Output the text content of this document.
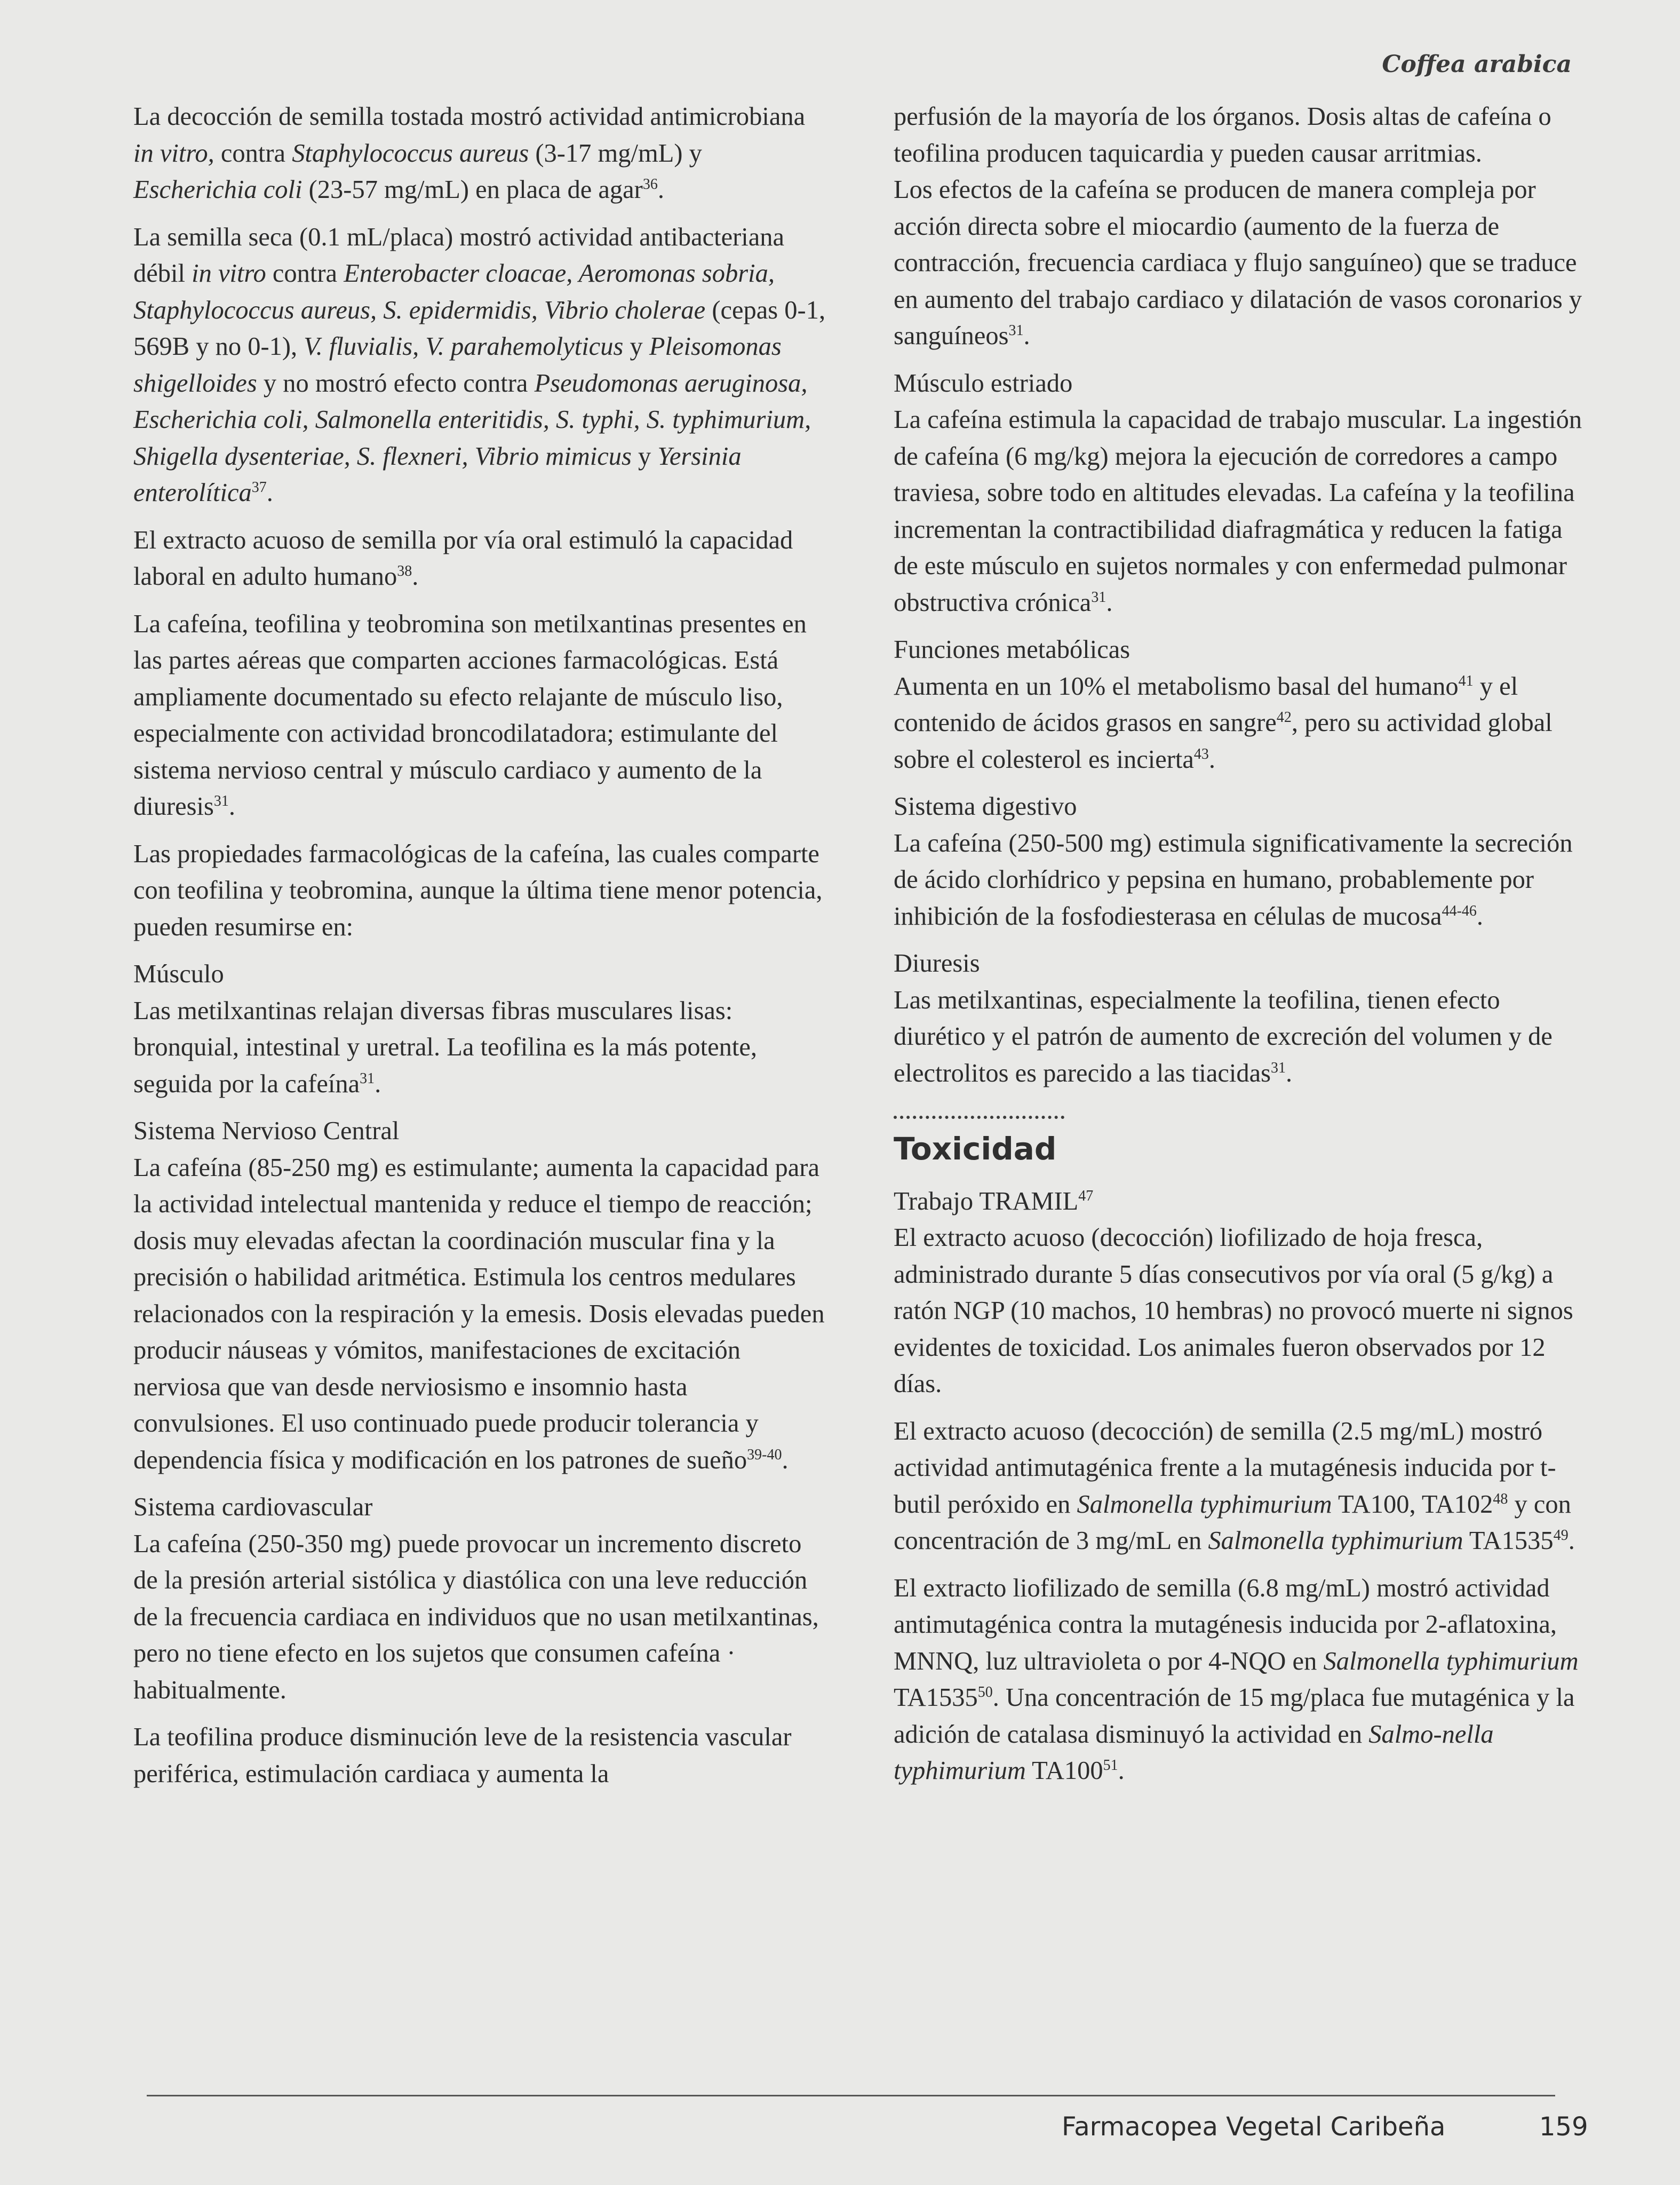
Coffea arabica

La decocción de semilla tostada mostró actividad antimicrobiana in vitro, contra Staphylococcus aureus (3-17 mg/mL) y Escherichia coli (23-57 mg/mL) en placa de agar$^{36}$.

La semilla seca (0.1 mL/placa) mostró actividad antibacteriana débil in vitro contra Enterobacter cloacae, Aeromonas sobria, Staphylococcus aureus, S. epidermidis, Vibrio cholerae (cepas 0-1, 569B y no 0-1), V. fluvialis, V. parahemolyticus y Pleisomonas shigelloides y no mostró efecto contra Pseudomonas aeruginosa, Escherichia coli, Salmonella enteritidis, S. typhi, S. typhimurium, Shigella dysenteriae, S. flexneri, Vibrio mimicus y Yersinia enterolítica$^{37}$.

El extracto acuoso de semilla por vía oral estimuló la capacidad laboral en adulto humano$^{38}$.

La cafeína, teofilina y teobromina son metilxantinas presentes en las partes aéreas que comparten acciones farmacológicas. Está ampliamente documentado su efecto relajante de músculo liso, especialmente con actividad broncodilatadora; estimulante del sistema nervioso central y músculo cardiaco y aumento de la diuresis$^{31}$.

Las propiedades farmacológicas de la cafeína, las cuales comparte con teofilina y teobromina, aunque la última tiene menor potencia, pueden resumirse en:

Músculo
Las metilxantinas relajan diversas fibras musculares lisas: bronquial, intestinal y uretral. La teofilina es la más potente, seguida por la cafeína$^{31}$.

Sistema Nervioso Central
La cafeína (85-250 mg) es estimulante; aumenta la capacidad para la actividad intelectual mantenida y reduce el tiempo de reacción; dosis muy elevadas afectan la coordinación muscular fina y la precisión o habilidad aritmética. Estimula los centros medulares relacionados con la respiración y la emesis. Dosis elevadas pueden producir náuseas y vómitos, manifestaciones de excitación nerviosa que van desde nerviosismo e insomnio hasta convulsiones. El uso continuado puede producir tolerancia y dependencia física y modificación en los patrones de sueño$^{39-40}$.

Sistema cardiovascular
La cafeína (250-350 mg) puede provocar un incremento discreto de la presión arterial sistólica y diastólica con una leve reducción de la frecuencia cardiaca en individuos que no usan metilxantinas, pero no tiene efecto en los sujetos que consumen cafeína · habitualmente.

La teofilina produce disminución leve de la resistencia vascular periférica, estimulación cardiaca y aumenta la

perfusión de la mayoría de los órganos. Dosis altas de cafeína o teofilina producen taquicardia y pueden causar arritmias.

Los efectos de la cafeína se producen de manera compleja por acción directa sobre el miocardio (aumento de la fuerza de contracción, frecuencia cardiaca y flujo sanguíneo) que se traduce en aumento del trabajo cardiaco y dilatación de vasos coronarios y sanguíneos$^{31}$.

Músculo estriado
La cafeína estimula la capacidad de trabajo muscular. La ingestión de cafeína (6 mg/kg) mejora la ejecución de corredores a campo traviesa, sobre todo en altitudes elevadas. La cafeína y la teofilina incrementan la contractibilidad diafragmática y reducen la fatiga de este músculo en sujetos normales y con enfermedad pulmonar obstructiva crónica$^{31}$.

Funciones metabólicas
Aumenta en un 10% el metabolismo basal del humano$^{41}$ y el contenido de ácidos grasos en sangre$^{42}$, pero su actividad global sobre el colesterol es incierta$^{43}$.

Sistema digestivo
La cafeína (250-500 mg) estimula significativamente la secreción de ácido clorhídrico y pepsina en humano, probablemente por inhibición de la fosfodiesterasa en células de mucosa$^{44-46}$.

Diuresis
Las metilxantinas, especialmente la teofilina, tienen efecto diurético y el patrón de aumento de excreción del volumen y de electrolitos es parecido a las tiacidas$^{31}$.

Toxicidad

Trabajo TRAMIL$^{47}$
El extracto acuoso (decocción) liofilizado de hoja fresca, administrado durante 5 días consecutivos por vía oral (5 g/kg) a ratón NGP (10 machos, 10 hembras) no provocó muerte ni signos evidentes de toxicidad. Los animales fueron observados por 12 días.

El extracto acuoso (decocción) de semilla (2.5 mg/mL) mostró actividad antimutagénica frente a la mutagénesis inducida por t-butil peróxido en Salmonella typhimurium TA100, $TA102^{48}$ y con concentración de 3 mg/mL en Salmonella typhimurium TA1535$^{49}$.

El extracto liofilizado de semilla (6.8 mg/mL) mostró actividad antimutagénica contra la mutagénesis inducida por 2-aflatoxina, MNNQ, luz ultravioleta o por 4-NQO en Salmonella typhimurium TA1535$^{50}$. Una concentración de 15 mg/placa fue mutagénica y la adición de catalasa disminuyó la actividad en Salmo-nella typhimurium $TA100^{51}$.

Farmacopea Vegetal Caribeña	159
